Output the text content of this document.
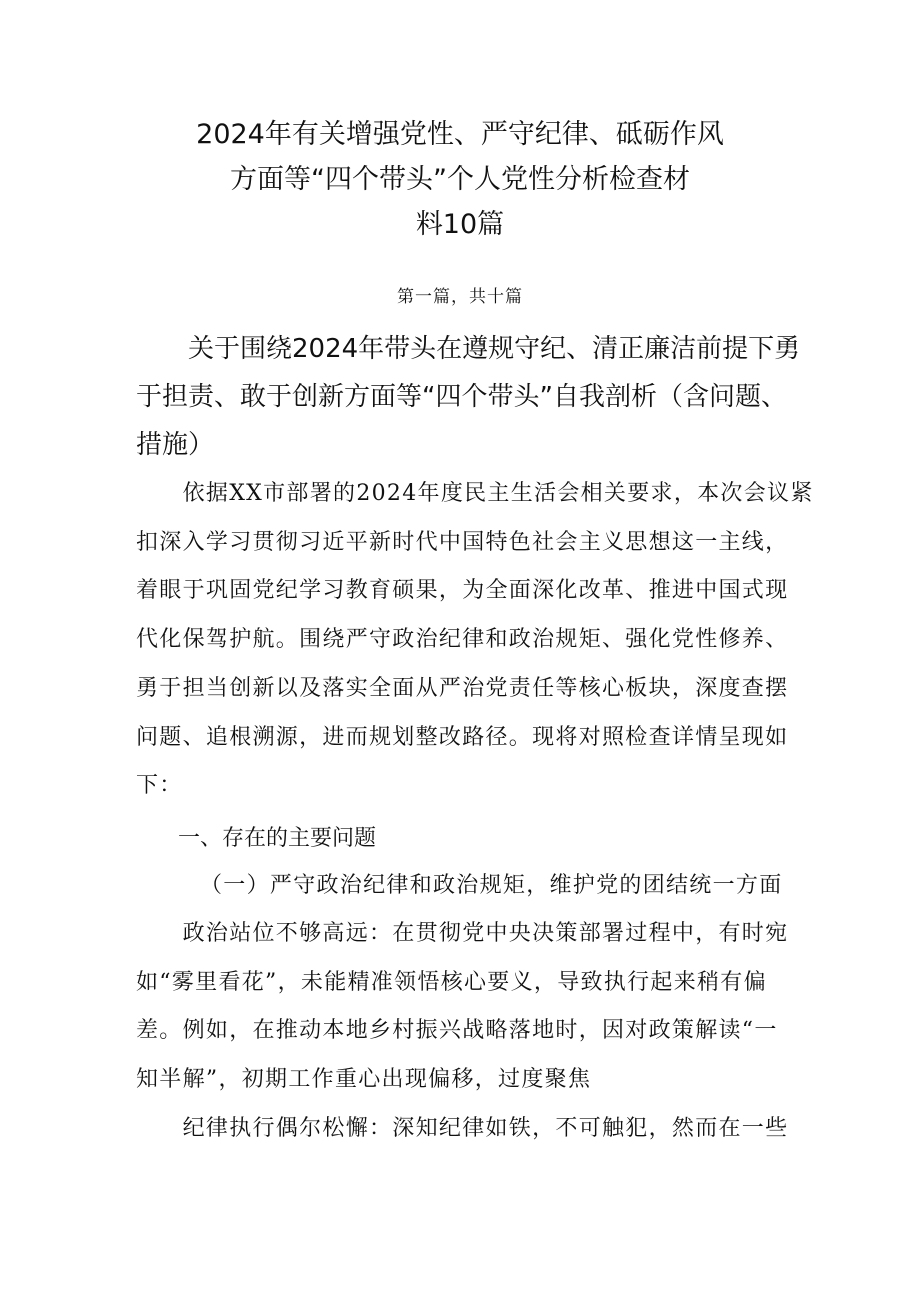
2024年有关增强党性、严守纪律、砥砺作风
方面等“四个带头”个人党性分析检查材
料10篇
第一篇，共十篇
　　关于围绕2024年带头在遵规守纪、清正廉洁前提下勇
于担责、敢于创新方面等“四个带头”自我剖析（含问题、
措施）
　　依据XX市部署的2024年度民主生活会相关要求，本次会议紧
扣深入学习贯彻习近平新时代中国特色社会主义思想这一主线，
着眼于巩固党纪学习教育硕果，为全面深化改革、推进中国式现
代化保驾护航。围绕严守政治纪律和政治规矩、强化党性修养、
勇于担当创新以及落实全面从严治党责任等核心板块，深度查摆
问题、追根溯源，进而规划整改路径。现将对照检查详情呈现如
下：
一、存在的主要问题
（一）严守政治纪律和政治规矩，维护党的团结统一方面
　　政治站位不够高远：在贯彻党中央决策部署过程中，有时宛
如“雾里看花”，未能精准领悟核心要义，导致执行起来稍有偏
差。例如，在推动本地乡村振兴战略落地时，因对政策解读“一
知半解”，初期工作重心出现偏移，过度聚焦
　　纪律执行偶尔松懈：深知纪律如铁，不可触犯，然而在一些
